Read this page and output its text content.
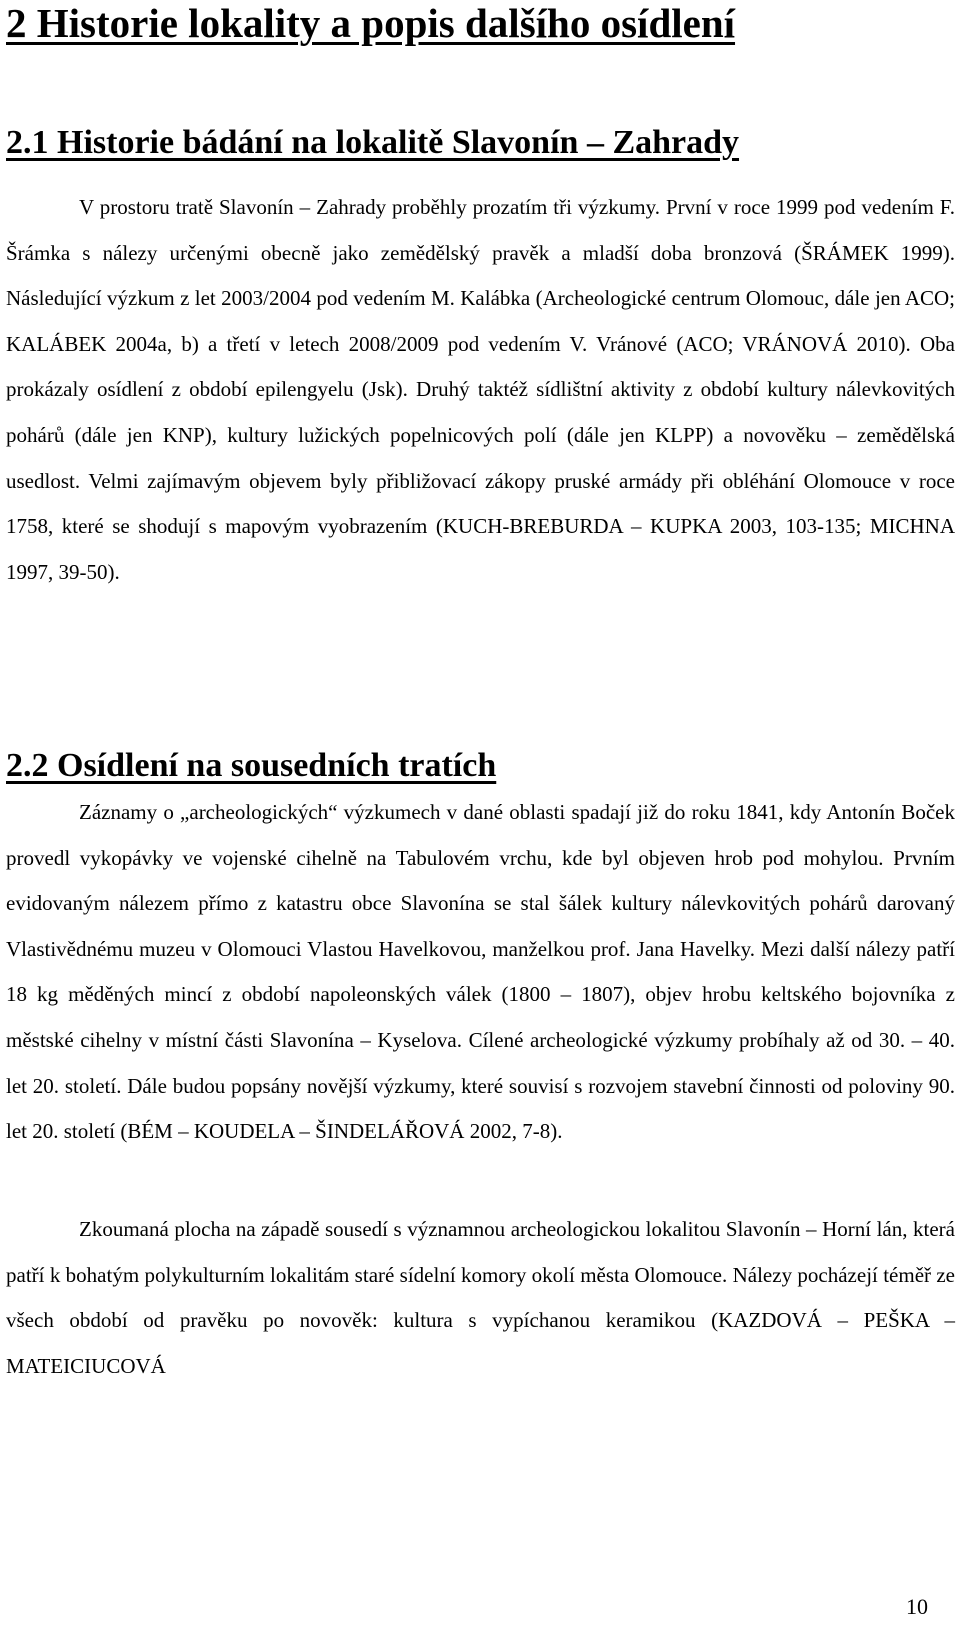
2 Historie lokality a popis dalšího osídlení
2.1 Historie bádání na lokalitě Slavonín – Zahrady

V prostoru tratě Slavonín – Zahrady proběhly prozatím tři výzkumy. První v roce 1999 pod vedením F. Šrámka s nálezy určenými obecně jako zemědělský pravěk a mladší doba bronzová (ŠRÁMEK 1999). Následující výzkum z let 2003/2004 pod vedením M. Kalábka (Archeologické centrum Olomouc, dále jen ACO; KALÁBEK 2004a, b) a třetí v letech 2008/2009 pod vedením V. Vránové (ACO; VRÁNOVÁ 2010). Oba prokázaly osídlení z období epilengyelu (Jsk). Druhý taktéž sídlištní aktivity z období kultury nálevkovitých pohárů (dále jen KNP), kultury lužických popelnicových polí (dále jen KLPP) a novověku – zemědělská usedlost. Velmi zajímavým objevem byly přibližovací zákopy pruské armády při obléhání Olomouce v roce 1758, které se shodují s mapovým vyobrazením (KUCH-BREBURDA – KUPKA 2003, 103-135; MICHNA 1997, 39-50).

2.2 Osídlení na sousedních tratích

Záznamy o „archeologických“ výzkumech v dané oblasti spadají již do roku 1841, kdy Antonín Boček provedl vykopávky ve vojenské cihelně na Tabulovém vrchu, kde byl objeven hrob pod mohylou. Prvním evidovaným nálezem přímo z katastru obce Slavonína se stal šálek kultury nálevkovitých pohárů darovaný Vlastivědnému muzeu v Olomouci Vlastou Havelkovou, manželkou prof. Jana Havelky. Mezi další nálezy patří 18 kg měděných mincí z období napoleonských válek (1800 – 1807), objev hrobu keltského bojovníka z městské cihelny v místní části Slavonína – Kyselova. Cílené archeologické výzkumy probíhaly až od 30. – 40. let 20. století. Dále budou popsány novější výzkumy, které souvisí s rozvojem stavební činnosti od poloviny 90. let 20. století (BÉM – KOUDELA – ŠINDELÁŘOVÁ 2002, 7-8).

Zkoumaná plocha na západě sousedí s významnou archeologickou lokalitou Slavonín – Horní lán, která patří k bohatým polykulturním lokalitám staré sídelní komory okolí města Olomouce. Nálezy pocházejí téměř ze všech období od pravěku po novověk: kultura s vypíchanou keramikou (KAZDOVÁ – PEŠKA – MATEICIUCOVÁ

10
